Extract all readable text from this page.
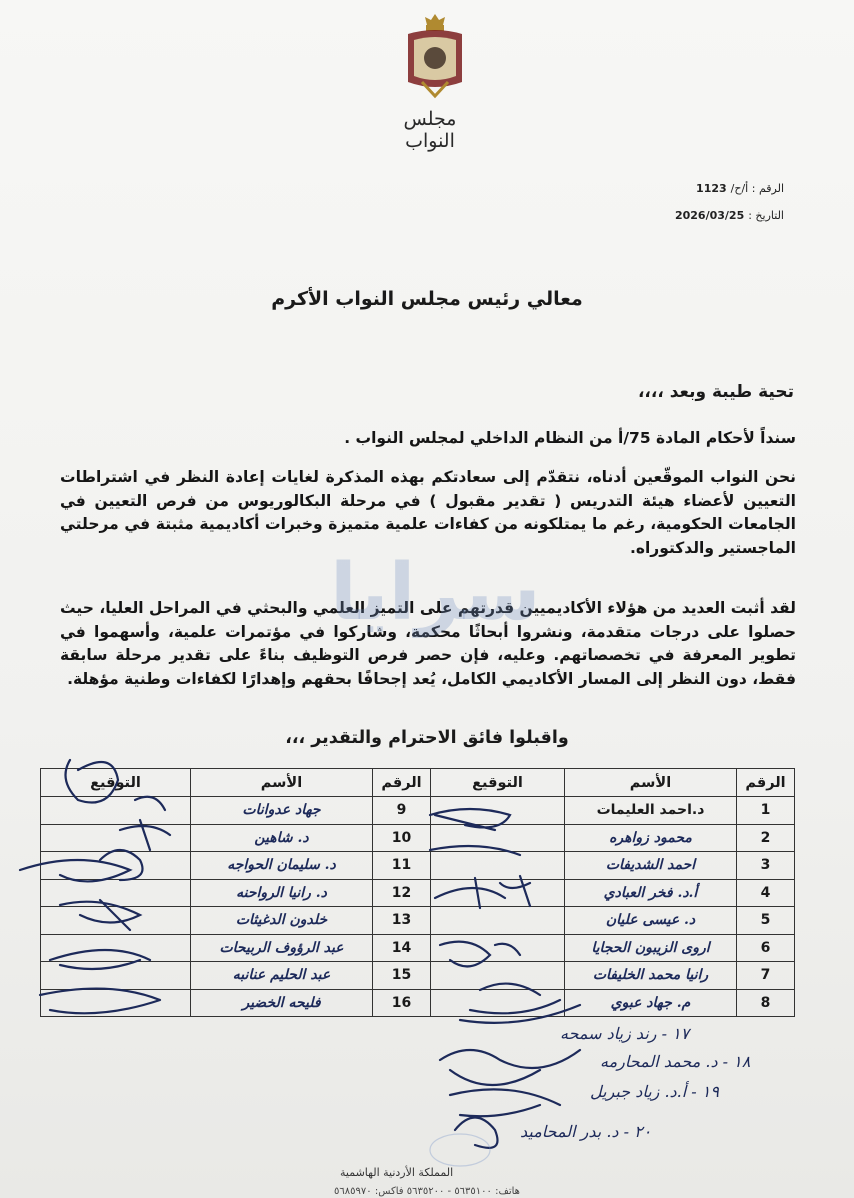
مجلس النواب
الرقم : أ/ح/1123
التاريخ :2026/03/25
معالي رئيس مجلس النواب الأكرم
تحية طيبة وبعد ،،،،
سنداً لأحكام المادة 75/أ من النظام الداخلي لمجلس النواب .
نحن النواب الموقّعين أدناه، نتقدّم إلى سعادتكم بهذه المذكرة لغايات إعادة النظر في اشتراطات التعيين لأعضاء هيئة التدريس ( تقدير مقبول ) في مرحلة البكالوريوس من فرص التعيين في الجامعات الحكومية، رغم ما يمتلكونه من كفاءات علمية متميزة وخبرات أكاديمية مثبتة في مرحلتي الماجستير والدكتوراه.
لقد أثبت العديد من هؤلاء الأكاديميين قدرتهم على التميز العلمي والبحثي في المراحل العليا، حيث حصلوا على درجات متقدمة، ونشروا أبحاثًا محكمة، وشاركوا في مؤتمرات علمية، وأسهموا في تطوير المعرفة في تخصصاتهم. وعليه، فإن حصر فرص التوظيف بناءً على تقدير مرحلة سابقة فقط، دون النظر إلى المسار الأكاديمي الكامل، يُعد إجحافًا بحقهم وإهدارًا لكفاءات وطنية مؤهلة.
سرايا
واقبلوا فائق الاحترام والتقدير ،،،
الرقم	الأسم	التوقيع	الرقم	الأسم	التوقيع
1	د.احمد العليمات		9	جهاد عدوانات	
2	محمود زواهره		10	د. شاهين	
3	احمد الشديفات		11	د. سليمان الحواجه	
4	أ.د. فخر العبادي		12	د. رانيا الرواحنه	
5	د. عيسى عليان		13	خلدون الدغيثات	
6	اروى الزيبون الحجايا		14	عبد الرؤوف الربيحات	
7	رانيا محمد الخليفات		15	عبد الحليم عنانبه	
8	م. جهاد عبوي		16	فليحه الخضير	
١٧ - رند زياد سمحه
١٨ - د. محمد المحارمه
١٩ - أ.د. زياد جبريل
٢٠ - د. بدر المحاميد
المملكة الأردنية الهاشمية
هاتف: ٥٦٣٥١٠٠ - ٥٦٣٥٢٠٠ فاكس: ٥٦٨٥٩٧٠
